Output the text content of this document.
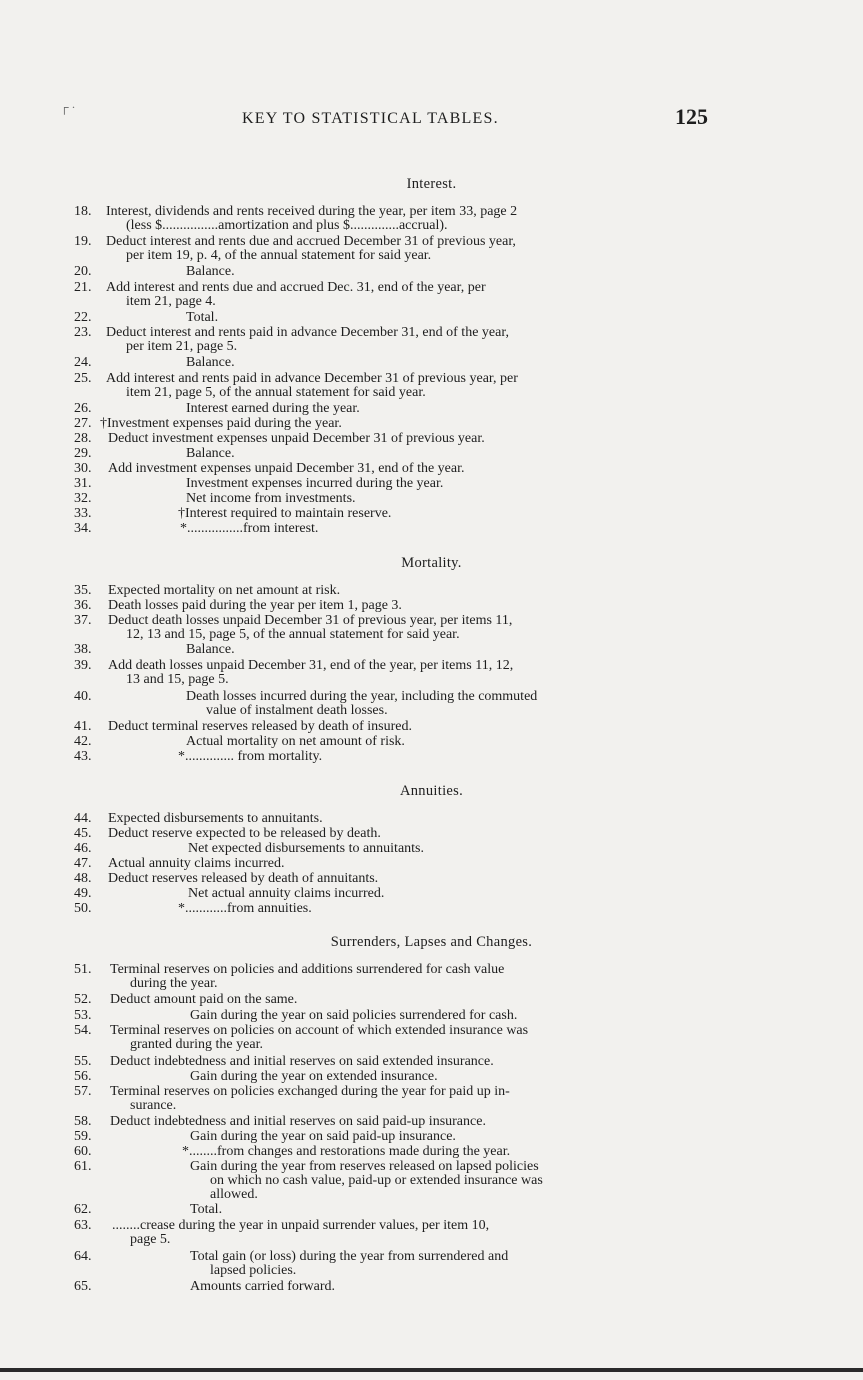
┌ ·
KEY TO STATISTICAL TABLES.	125
Interest.
18.	Interest, dividends and rents received during the year, per item 33, page 2
(less $................amortization and plus $..............accrual).
19.	Deduct interest and rents due and accrued December 31 of previous year,
per item 19, p. 4, of the annual statement for said year.
20.	Balance.
21.	Add interest and rents due and accrued Dec. 31, end of the year, per
item 21, page 4.
22.	Total.
23.	Deduct interest and rents paid in advance December 31, end of the year,
per item 21, page 5.
24.	Balance.
25.	Add interest and rents paid in advance December 31 of previous year, per
item 21, page 5, of the annual statement for said year.
26.	Interest earned during the year.
27. †Investment expenses paid during the year.
28.	Deduct investment expenses unpaid December 31 of previous year.
29.	Balance.
30.	Add investment expenses unpaid December 31, end of the year.
31.	Investment expenses incurred during the year.
32.	Net income from investments.
33.	†Interest required to maintain reserve.
34.	*................from interest.
Mortality.
35.	Expected mortality on net amount at risk.
36.	Death losses paid during the year per item 1, page 3.
37.	Deduct death losses unpaid December 31 of previous year, per items 11,
12, 13 and 15, page 5, of the annual statement for said year.
38.	Balance.
39.	Add death losses unpaid December 31, end of the year, per items 11, 12,
13 and 15, page 5.
40.	Death losses incurred during the year, including the commuted
value of instalment death losses.
41.	Deduct terminal reserves released by death of insured.
42.	Actual mortality on net amount of risk.
43.	*.............. from mortality.
Annuities.
44.	Expected disbursements to annuitants.
45.	Deduct reserve expected to be released by death.
46.	Net expected disbursements to annuitants.
47.	Actual annuity claims incurred.
48.	Deduct reserves released by death of annuitants.
49.	Net actual annuity claims incurred.
50.	*............from annuities.
Surrenders, Lapses and Changes.
51.	Terminal reserves on policies and additions surrendered for cash value
during the year.
52.	Deduct amount paid on the same.
53.	Gain during the year on said policies surrendered for cash.
54.	Terminal reserves on policies on account of which extended insurance was
granted during the year.
55.	Deduct indebtedness and initial reserves on said extended insurance.
56.	Gain during the year on extended insurance.
57.	Terminal reserves on policies exchanged during the year for paid up in-
surance.
58.	Deduct indebtedness and initial reserves on said paid-up insurance.
59.	Gain during the year on said paid-up insurance.
60.	*........from changes and restorations made during the year.
61.	Gain during the year from reserves released on lapsed policies
on which no cash value, paid-up or extended insurance was
allowed.
62.	Total.
63.	........crease during the year in unpaid surrender values, per item 10,
page 5.
64.	Total gain (or loss) during the year from surrendered and
lapsed policies.
65.	Amounts carried forward.
